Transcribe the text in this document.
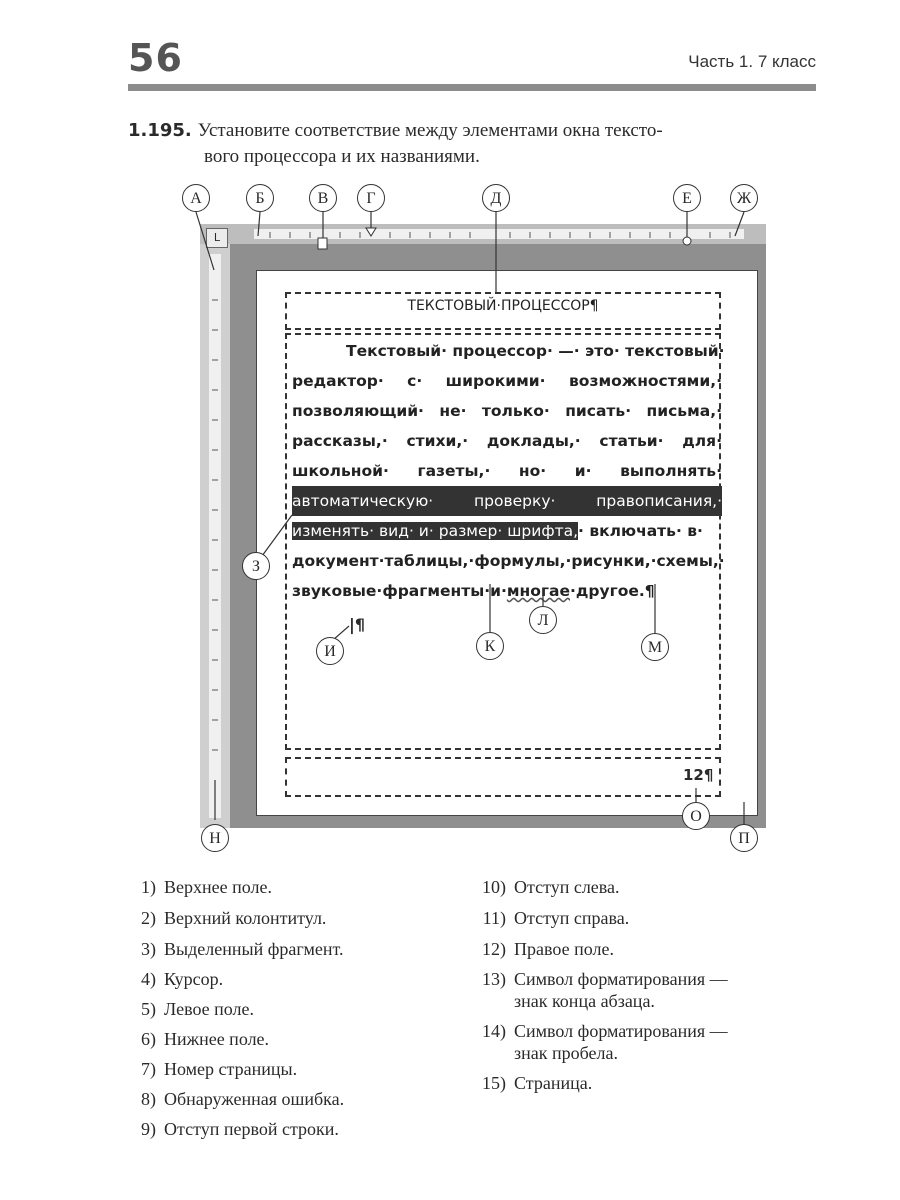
56	Часть 1. 7 класс
1.195. Установите соответствие между элементами окна тексто-
вого процессора и их названиями.
L
ТЕКСТОВЫЙ·ПРОЦЕССОР¶
Текстовый· процессор· —· это· текстовый·
редактор· с· широкими· возможностями,·
позволяющий· не· только· писать· письма,·
рассказы,· стихи,· доклады,· статьи· для·
школьной· газеты,· но· и· выполнять·
автоматическую· проверку· правописания,·
изменять· вид· и· размер· шрифта,· включать· в·
документ·таблицы,·формулы,·рисунки,·схемы,·
звуковые·фрагменты·и·многае·другое.¶
|¶
12¶
А	Б	В	Г	Д	Е	Ж
З
И	К
Л
М
Н
О
П
1) Верхнее поле.
2) Верхний колонтитул.
3) Выделенный фрагмент.
4) Курсор.
5) Левое поле.
6) Нижнее поле.
7) Номер страницы.
8) Обнаруженная ошибка.
9) Отступ первой строки.
10) Отступ слева.
11) Отступ справа.
12) Правое поле.
13) Символ форматирования —
знак конца абзаца.
14) Символ форматирования —
знак пробела.
15) Страница.
